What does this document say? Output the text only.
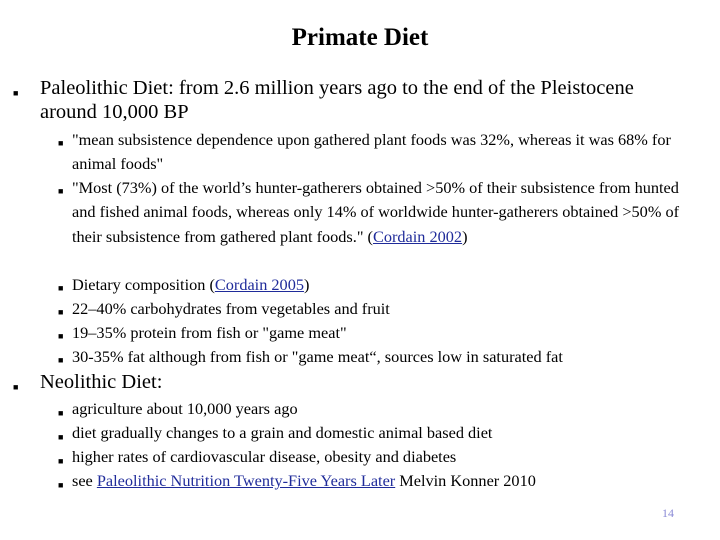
Primate Diet
■ Paleolithic Diet: from 2.6 million years ago to the end of the Pleistocene around 10,000 BP
■ "mean subsistence dependence upon gathered plant foods was 32%, whereas it was 68% for animal foods"
■ "Most (73%) of the world’s hunter-gatherers obtained >50% of their subsistence from hunted and fished animal foods, whereas only 14% of worldwide hunter-gatherers obtained >50% of their subsistence from gathered plant foods." (Cordain 2002)
■ Dietary composition (Cordain 2005)
■ 22–40% carbohydrates from vegetables and fruit
■ 19–35% protein from fish or "game meat"
■ 30-35% fat although from fish or "game meat“, sources low in saturated fat
■ Neolithic Diet:
■ agriculture about 10,000 years ago
■ diet gradually changes to a grain and domestic animal based diet
■ higher rates of cardiovascular disease, obesity and diabetes
■ see Paleolithic Nutrition Twenty-Five Years Later Melvin Konner 2010
14
